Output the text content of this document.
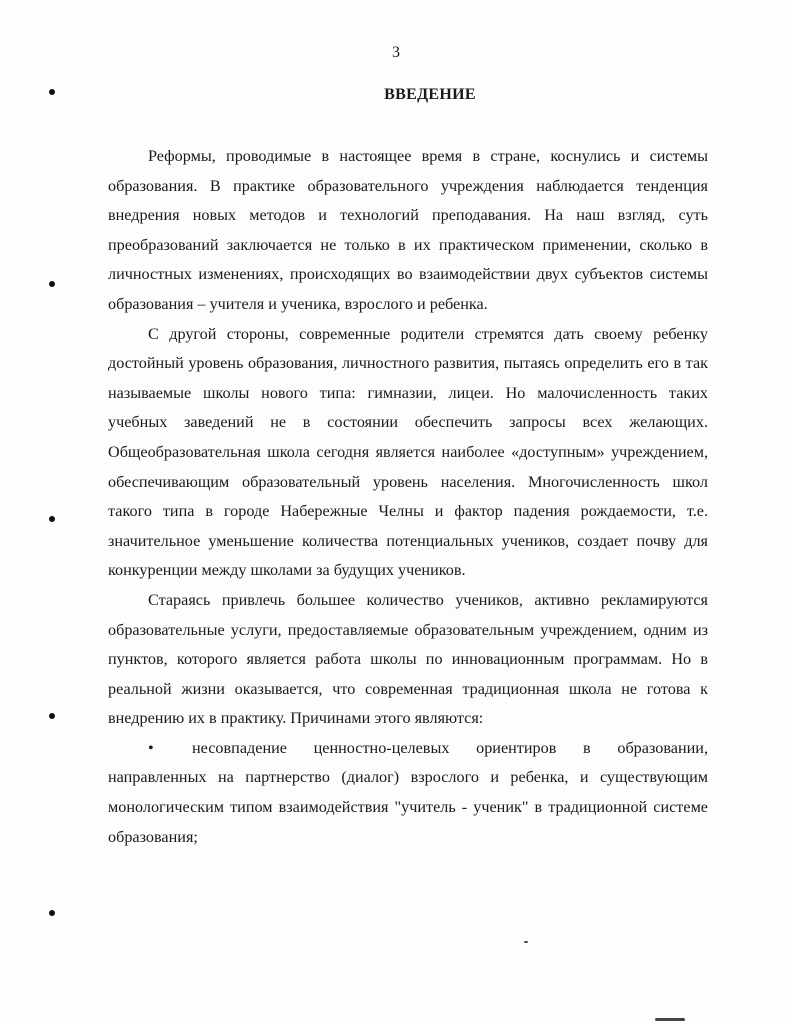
3
ВВЕДЕНИЕ

Реформы, проводимые в настоящее время в стране, коснулись и системы образования. В практике образовательного учреждения наблюдается тенденция внедрения новых методов и технологий преподавания. На наш взгляд, суть преобразований заключается не только в их практическом применении, сколько в личностных изменениях, происходящих во взаимодействии двух субъектов системы образования – учителя и ученика, взрослого и ребенка.

С другой стороны, современные родители стремятся дать своему ребенку достойный уровень образования, личностного развития, пытаясь определить его в так называемые школы нового типа: гимназии, лицеи. Но малочисленность таких учебных заведений не в состоянии обеспечить запросы всех желающих. Общеобразовательная школа сегодня является наиболее «доступным» учреждением, обеспечивающим образовательный уровень населения. Многочисленность школ такого типа в городе Набережные Челны и фактор падения рождаемости, т.е. значительное уменьшение количества потенциальных учеников, создает почву для конкуренции между школами за будущих учеников.

Стараясь привлечь большее количество учеников, активно рекламируются образовательные услуги, предоставляемые образовательным учреждением, одним из пунктов, которого является работа школы по инновационным программам. Но в реальной жизни оказывается, что современная традиционная школа не готова к внедрению их в практику. Причинами этого являются:

• несовпадение ценностно-целевых ориентиров в образовании, направленных на партнерство (диалог) взрослого и ребенка, и существующим монологическим типом взаимодействия "учитель - ученик" в традиционной системе образования;
